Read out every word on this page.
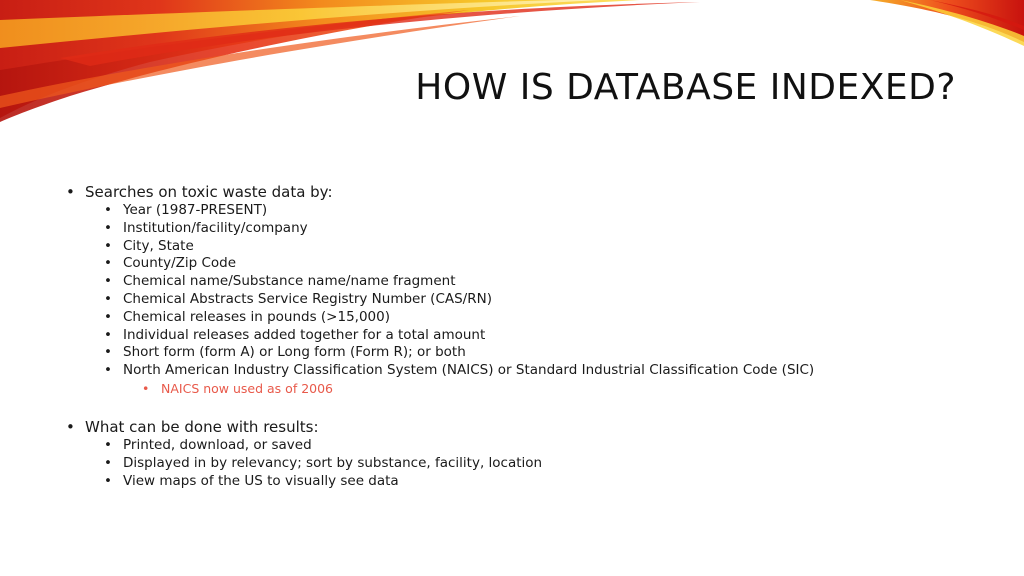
HOW IS DATABASE INDEXED?
• Searches on toxic waste data by:
• Year (1987-PRESENT)
• Institution/facility/company
• City, State
• County/Zip Code
• Chemical name/Substance name/name fragment
• Chemical Abstracts Service Registry Number (CAS/RN)
• Chemical releases in pounds (>15,000)
• Individual releases added together for a total amount
• Short form (form A) or Long form (Form R); or both
• North American Industry Classification System (NAICS) or Standard Industrial Classification Code (SIC)
• NAICS now used as of 2006
• What can be done with results:
• Printed, download, or saved
• Displayed in by relevancy; sort by substance, facility, location
• View maps of the US to visually see data
